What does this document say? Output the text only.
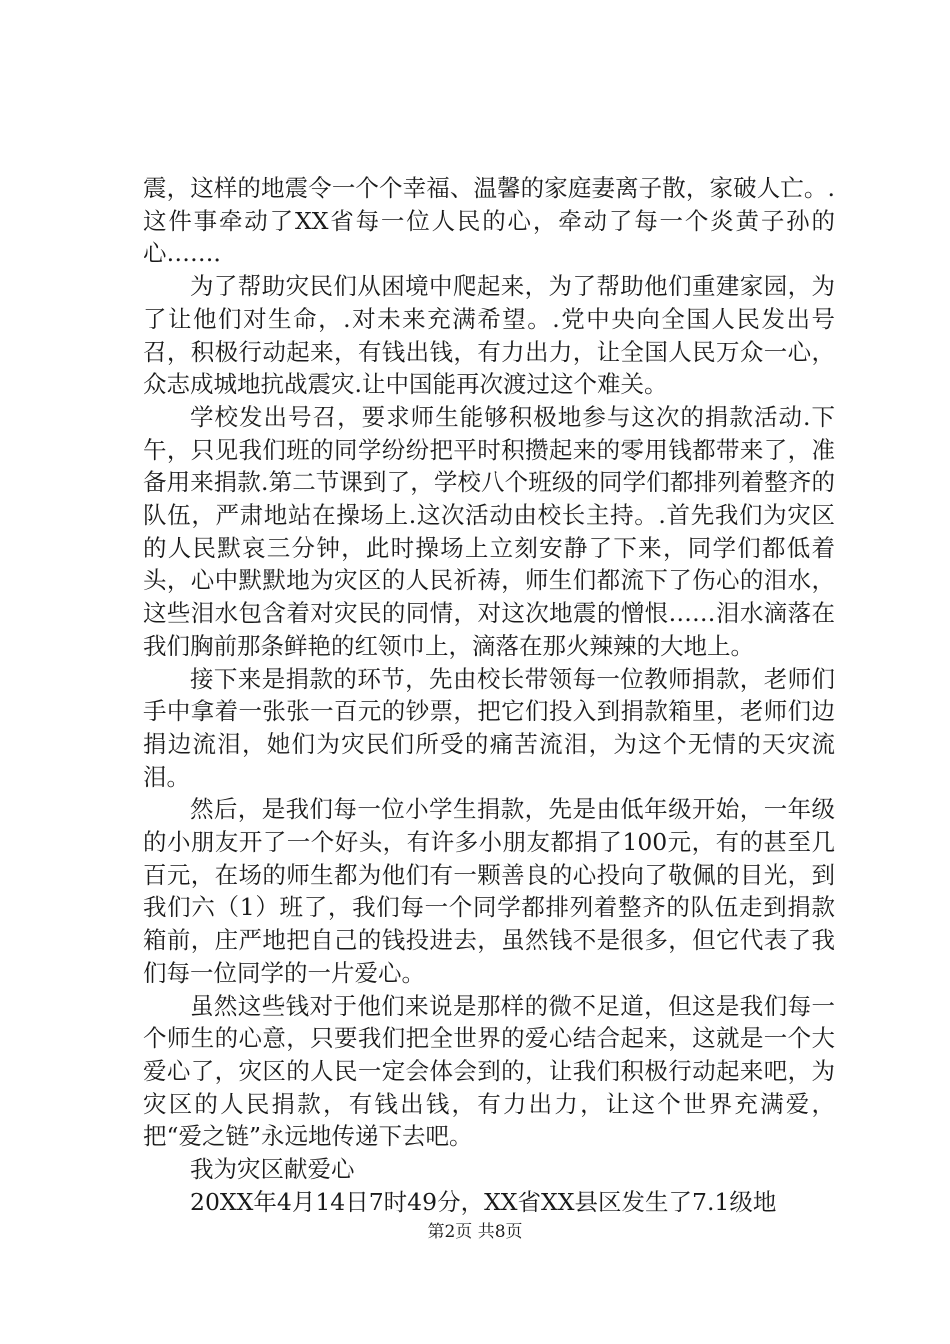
震，这样的地震令一个个幸福、温馨的家庭妻离子散，家破人亡。.这件事牵动了XX省每一位人民的心，牵动了每一个炎黄子孙的心……．

为了帮助灾民们从困境中爬起来，为了帮助他们重建家园，为了让他们对生命，.对未来充满希望。.党中央向全国人民发出号召，积极行动起来，有钱出钱，有力出力，让全国人民万众一心，众志成城地抗战震灾.让中国能再次渡过这个难关。

学校发出号召，要求师生能够积极地参与这次的捐款活动.下午，只见我们班的同学纷纷把平时积攒起来的零用钱都带来了，准备用来捐款.第二节课到了，学校八个班级的同学们都排列着整齐的队伍，严肃地站在操场上.这次活动由校长主持。.首先我们为灾区的人民默哀三分钟，此时操场上立刻安静了下来，同学们都低着头，心中默默地为灾区的人民祈祷，师生们都流下了伤心的泪水，这些泪水包含着对灾民的同情，对这次地震的憎恨……泪水滴落在我们胸前那条鲜艳的红领巾上，滴落在那火辣辣的大地上。

接下来是捐款的环节，先由校长带领每一位教师捐款，老师们手中拿着一张张一百元的钞票，把它们投入到捐款箱里，老师们边捐边流泪，她们为灾民们所受的痛苦流泪，为这个无情的天灾流泪。

然后，是我们每一位小学生捐款，先是由低年级开始，一年级的小朋友开了一个好头，有许多小朋友都捐了100元，有的甚至几百元，在场的师生都为他们有一颗善良的心投向了敬佩的目光，到我们六（1）班了，我们每一个同学都排列着整齐的队伍走到捐款箱前，庄严地把自己的钱投进去，虽然钱不是很多，但它代表了我们每一位同学的一片爱心。

虽然这些钱对于他们来说是那样的微不足道，但这是我们每一个师生的心意，只要我们把全世界的爱心结合起来，这就是一个大爱心了，灾区的人民一定会体会到的，让我们积极行动起来吧，为灾区的人民捐款，有钱出钱，有力出力，让这个世界充满爱，把“爱之链”永远地传递下去吧。

我为灾区献爱心

20XX年4月14日7时49分，XX省XX县区发生了7.1级地

第2页 共8页
